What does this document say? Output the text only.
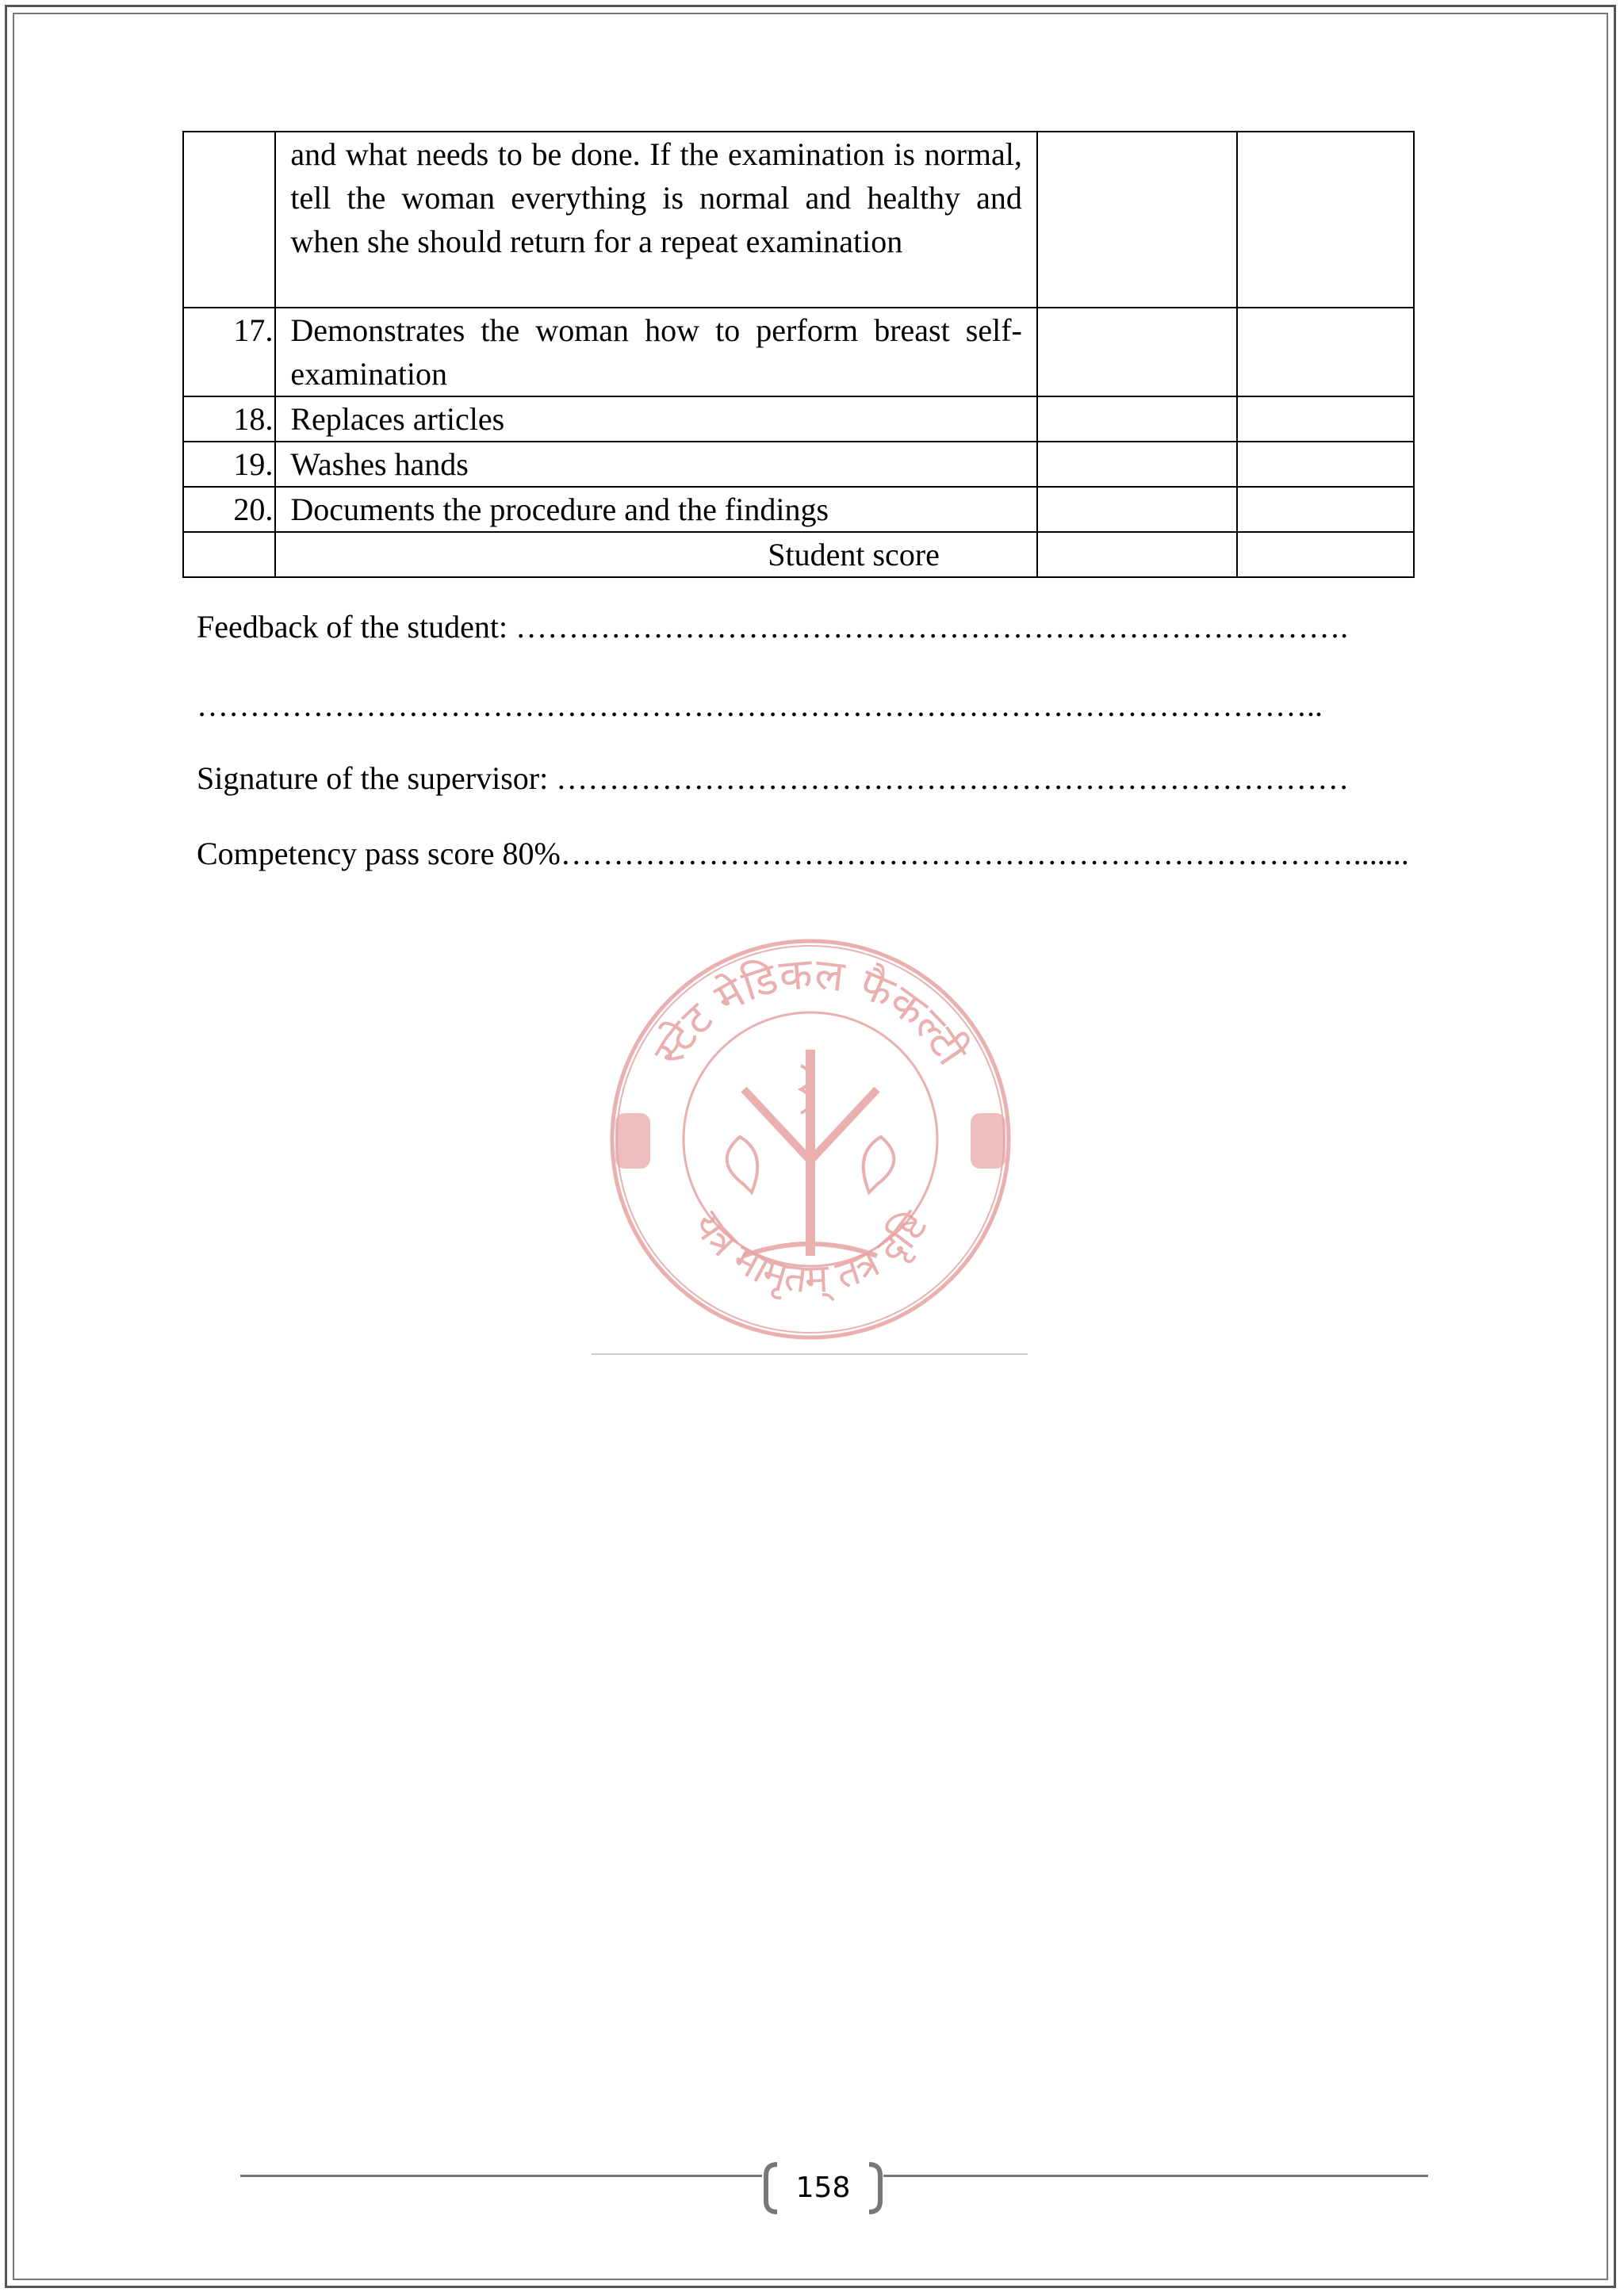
	and what needs to be done. If the examination is normal, tell the woman everything is normal and healthy and when she should return for a repeat examination		
17.	Demonstrates the woman how to perform breast self-examination		
18.	Replaces articles		
19.	Washes hands		
20.	Documents the procedure and the findings		
	Student score		
Feedback of the student: …………………………………………………………………….
……………………………………………………………………………………………..
Signature of the supervisor: …………………………………………………………………
Competency pass score 80%………………………………………………………………….......
स्टेट मेडिकल फैकल्टी
यत्र मामृतम् तत्र दृष्टि
158
